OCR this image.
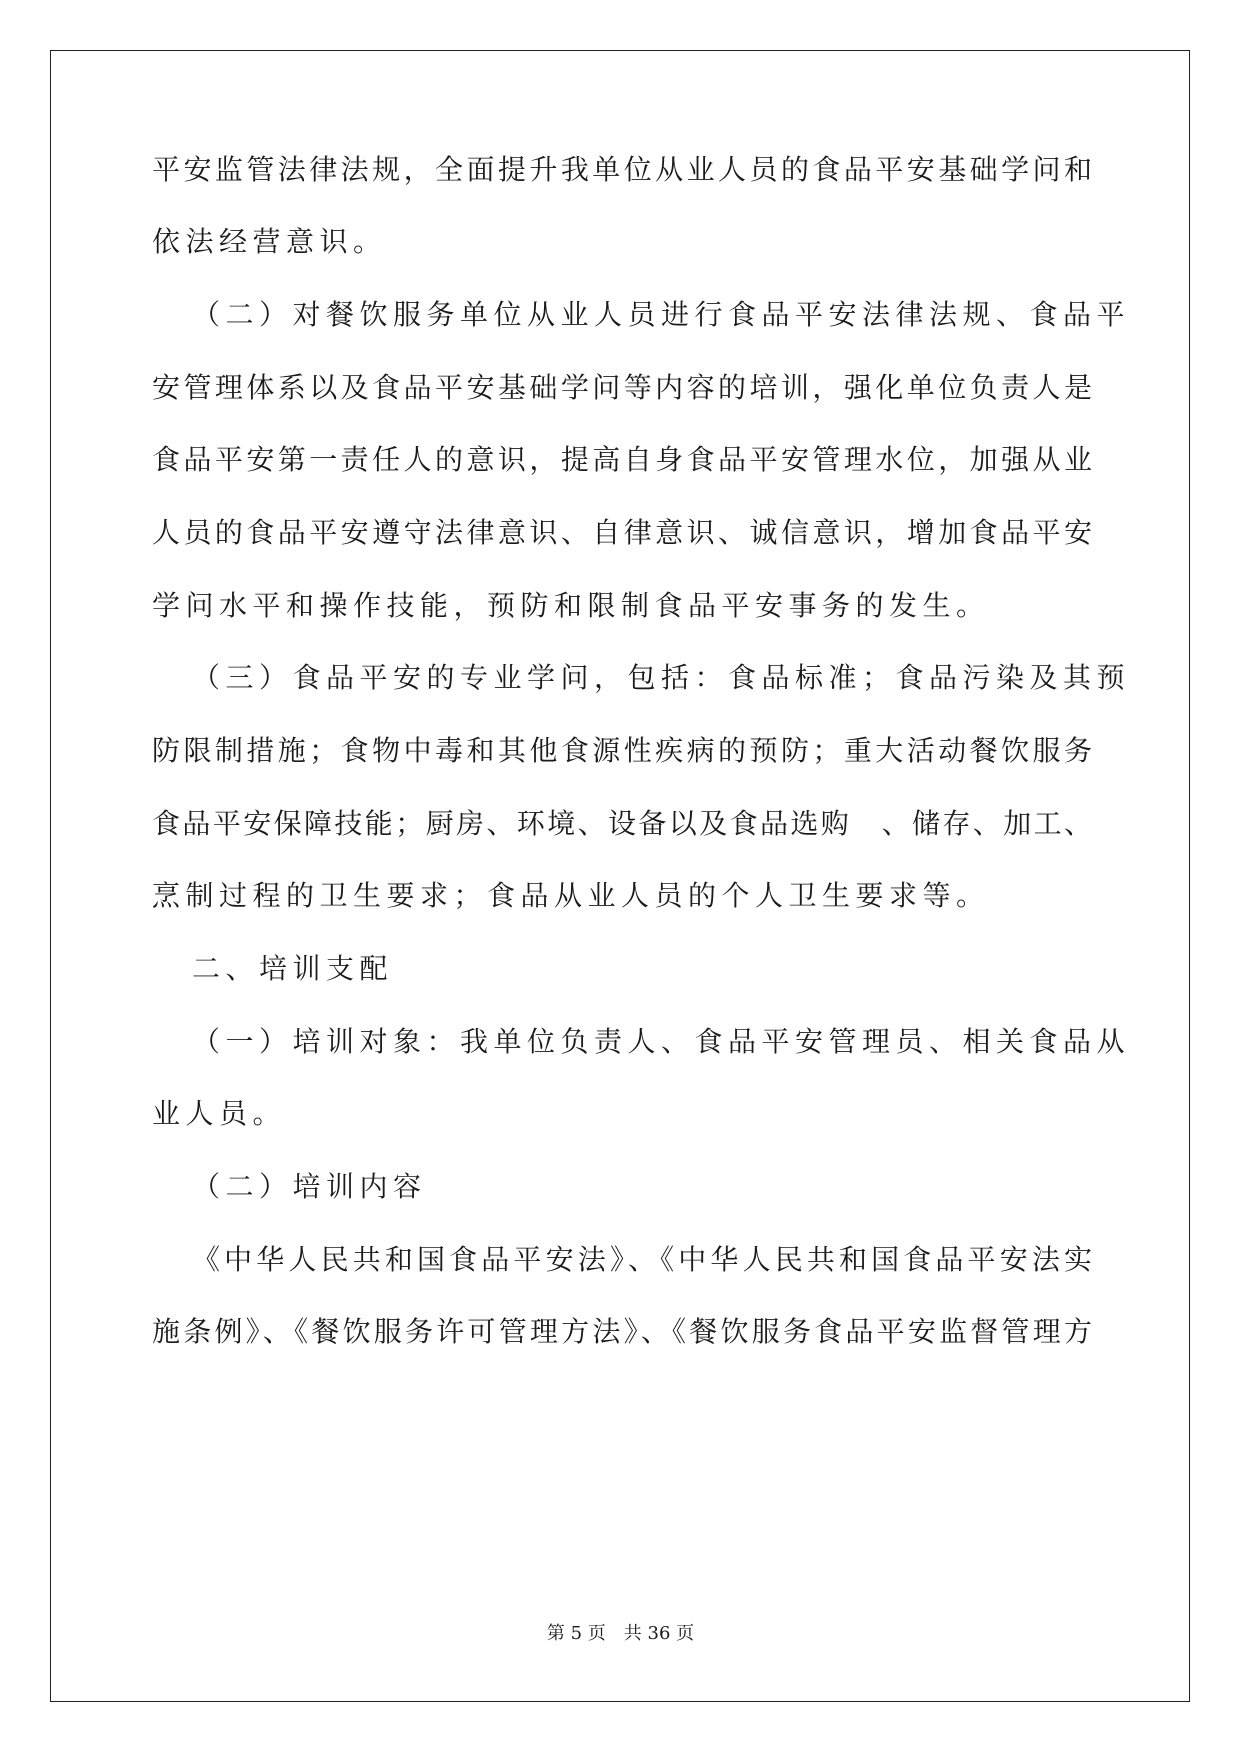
平安监管法律法规，全面提升我单位从业人员的食品平安基础学问和
依法经营意识。
（二）对餐饮服务单位从业人员进行食品平安法律法规、食品平
安管理体系以及食品平安基础学问等内容的培训，强化单位负责人是
食品平安第一责任人的意识，提高自身食品平安管理水位，加强从业
人员的食品平安遵守法律意识、自律意识、诚信意识，增加食品平安
学问水平和操作技能，预防和限制食品平安事务的发生。
（三）食品平安的专业学问，包括：食品标准；食品污染及其预
防限制措施；食物中毒和其他食源性疾病的预防；重大活动餐饮服务
食品平安保障技能；厨房、环境、设备以及食品选购　、储存、加工、
烹制过程的卫生要求；食品从业人员的个人卫生要求等。
二、培训支配
（一）培训对象：我单位负责人、食品平安管理员、相关食品从
业人员。
（二）培训内容
《中华人民共和国食品平安法》、《中华人民共和国食品平安法实
施条例》、《餐饮服务许可管理方法》、《餐饮服务食品平安监督管理方
第 5 页　共 36 页
